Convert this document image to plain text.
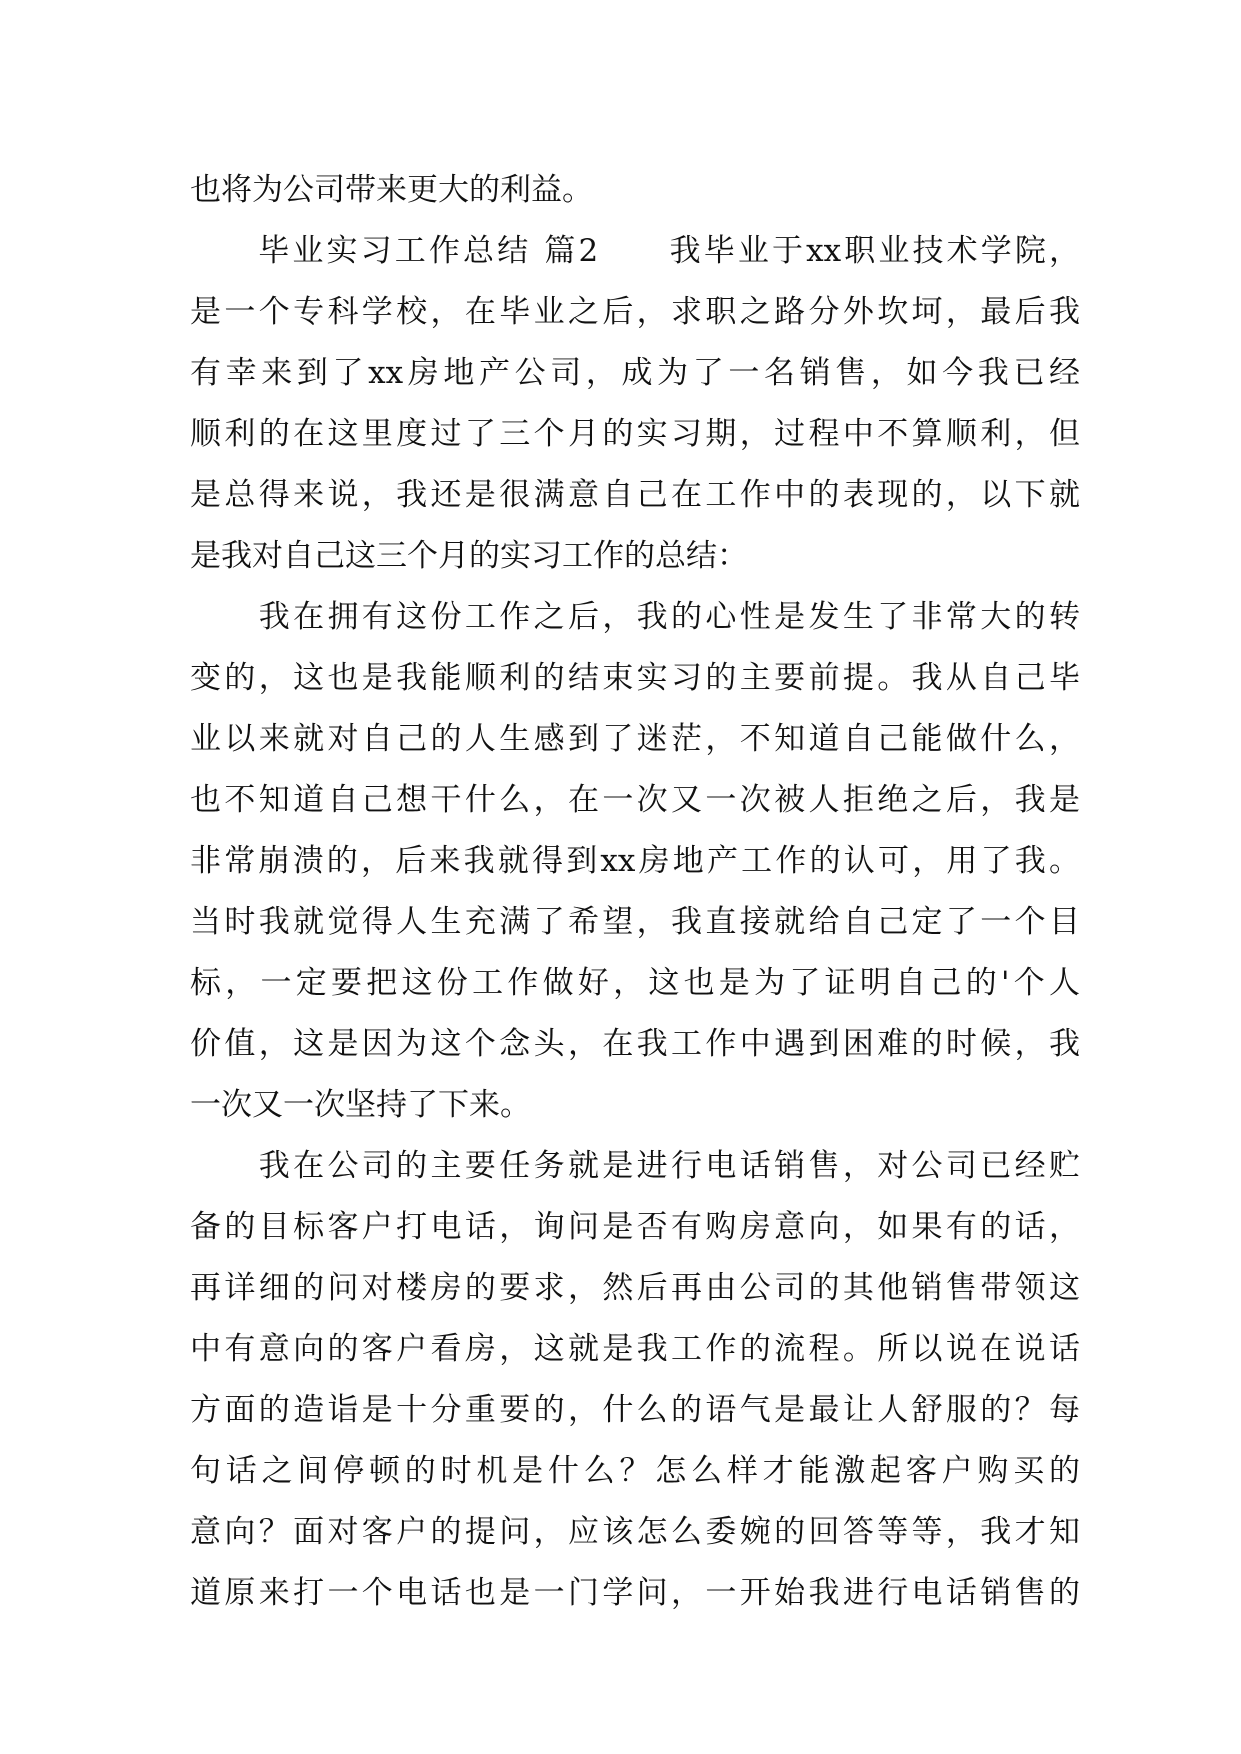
也将为公司带来更大的利益。
　　毕业实习工作总结 篇2　　我毕业于xx职业技术学院，
是一个专科学校，在毕业之后，求职之路分外坎坷，最后我
有幸来到了xx房地产公司，成为了一名销售，如今我已经
顺利的在这里度过了三个月的实习期，过程中不算顺利，但
是总得来说，我还是很满意自己在工作中的表现的，以下就
是我对自己这三个月的实习工作的总结：
　　我在拥有这份工作之后，我的心性是发生了非常大的转
变的，这也是我能顺利的结束实习的主要前提。我从自己毕
业以来就对自己的人生感到了迷茫，不知道自己能做什么，
也不知道自己想干什么，在一次又一次被人拒绝之后，我是
非常崩溃的，后来我就得到xx房地产工作的认可，用了我。
当时我就觉得人生充满了希望，我直接就给自己定了一个目
标，一定要把这份工作做好，这也是为了证明自己的'个人
价值，这是因为这个念头，在我工作中遇到困难的时候，我
一次又一次坚持了下来。
　　我在公司的主要任务就是进行电话销售，对公司已经贮
备的目标客户打电话，询问是否有购房意向，如果有的话，
再详细的问对楼房的要求，然后再由公司的其他销售带领这
中有意向的客户看房，这就是我工作的流程。所以说在说话
方面的造诣是十分重要的，什么的语气是最让人舒服的？每
句话之间停顿的时机是什么？怎么样才能激起客户购买的
意向？面对客户的提问，应该怎么委婉的回答等等，我才知
道原来打一个电话也是一门学问，一开始我进行电话销售的
